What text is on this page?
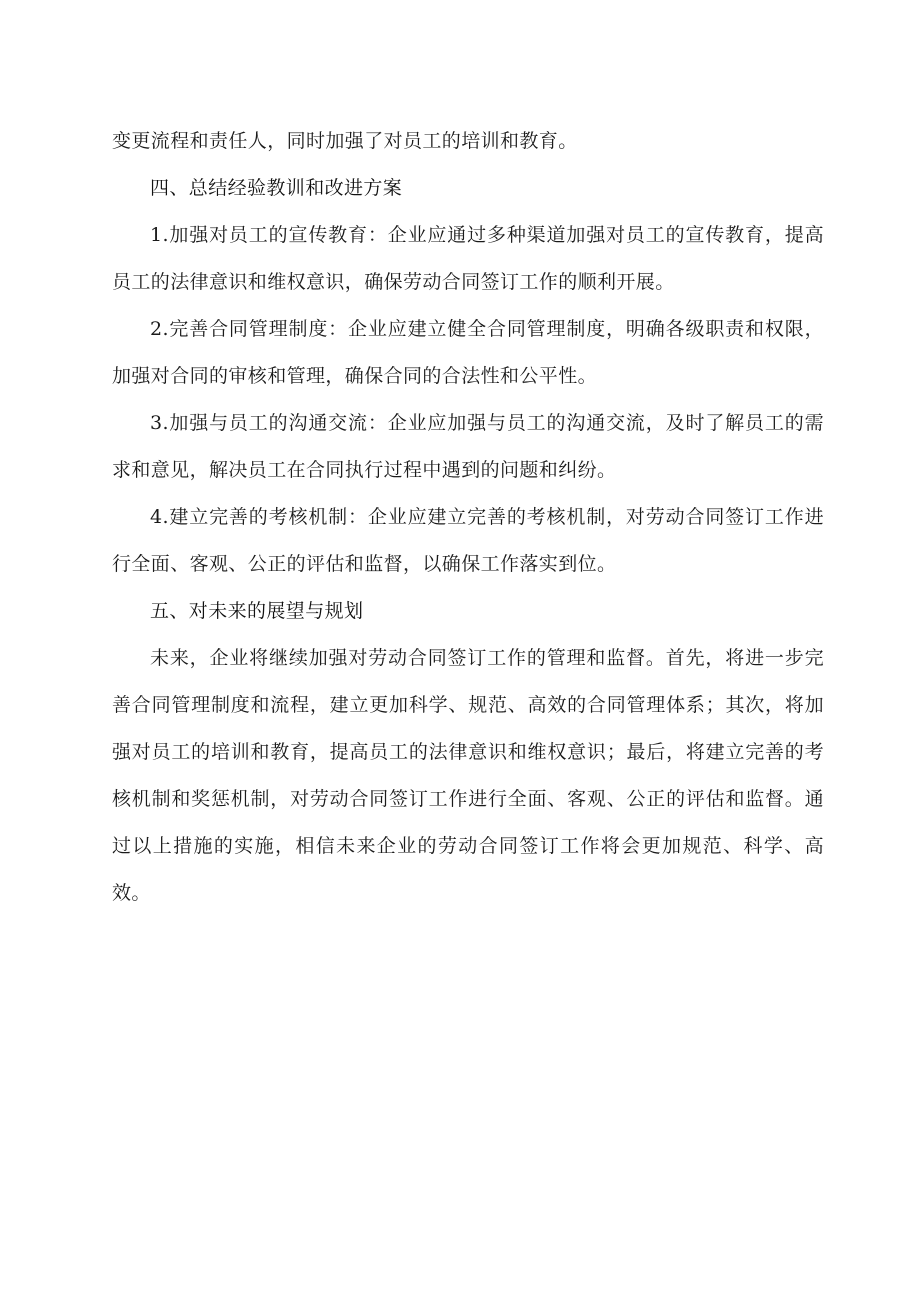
变更流程和责任人，同时加强了对员工的培训和教育。

四、总结经验教训和改进方案

1.加强对员工的宣传教育：企业应通过多种渠道加强对员工的宣传教育，提高员工的法律意识和维权意识，确保劳动合同签订工作的顺利开展。

2.完善合同管理制度：企业应建立健全合同管理制度，明确各级职责和权限，加强对合同的审核和管理，确保合同的合法性和公平性。

3.加强与员工的沟通交流：企业应加强与员工的沟通交流，及时了解员工的需求和意见，解决员工在合同执行过程中遇到的问题和纠纷。

4.建立完善的考核机制：企业应建立完善的考核机制，对劳动合同签订工作进行全面、客观、公正的评估和监督，以确保工作落实到位。

五、对未来的展望与规划

未来，企业将继续加强对劳动合同签订工作的管理和监督。首先，将进一步完善合同管理制度和流程，建立更加科学、规范、高效的合同管理体系；其次，将加强对员工的培训和教育，提高员工的法律意识和维权意识；最后，将建立完善的考核机制和奖惩机制，对劳动合同签订工作进行全面、客观、公正的评估和监督。通过以上措施的实施，相信未来企业的劳动合同签订工作将会更加规范、科学、高效。
